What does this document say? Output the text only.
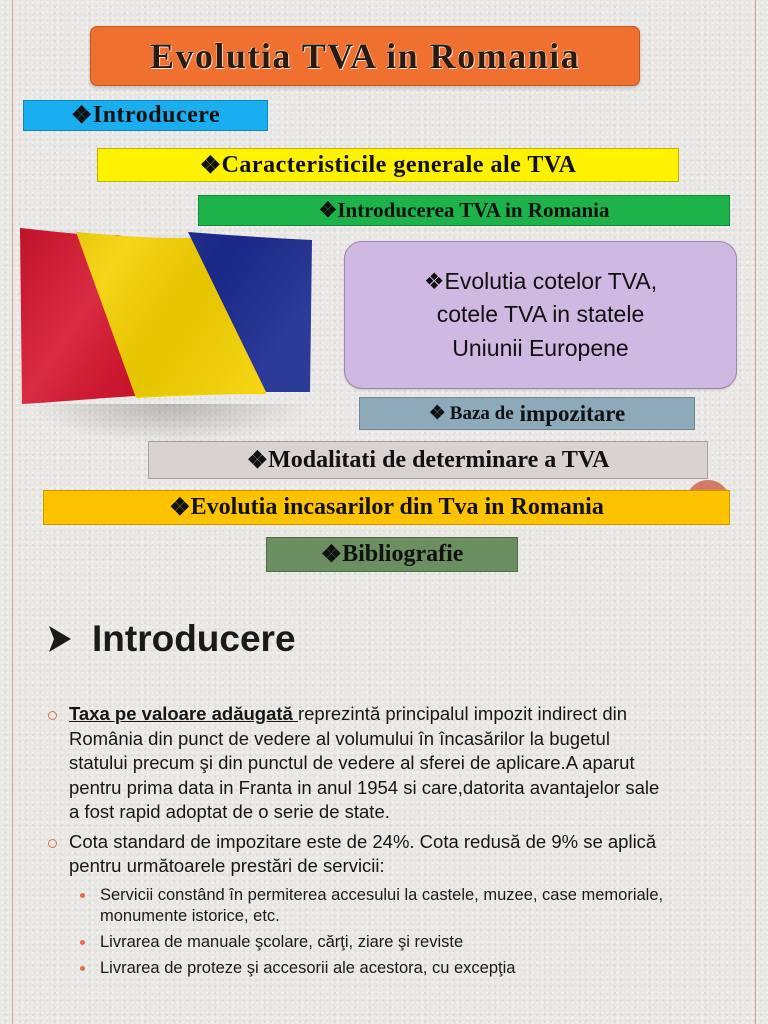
Evolutia TVA in Romania
❖ Introducere
❖ Caracteristicile generale ale TVA
❖ Introducerea TVA in Romania
❖Evolutia cotelor TVA,
cotele TVA in statele
Uniunii Europene
❖ Baza de impozitare
❖ Modalitati de determinare a TVA
❖ Evolutia incasarilor din Tva in Romania
❖ Bibliografie
Introducere
Taxa pe valoare adăugată reprezintă principalul impozit indirect din România din punct de vedere al volumului în încasărilor la bugetul statului precum şi din punctul de vedere al sferei de aplicare.A aparut pentru prima data in Franta in anul 1954 si care,datorita avantajelor sale a fost rapid adoptat de o serie de state.
Cota standard de impozitare este de 24%. Cota redusă de 9% se aplică pentru următoarele prestări de servicii:
Servicii constând în permiterea accesului la castele, muzee, case memoriale, monumente istorice, etc.
Livrarea de manuale şcolare, cărţi, ziare şi reviste
Livrarea de proteze şi accesorii ale acestora, cu excepţia
